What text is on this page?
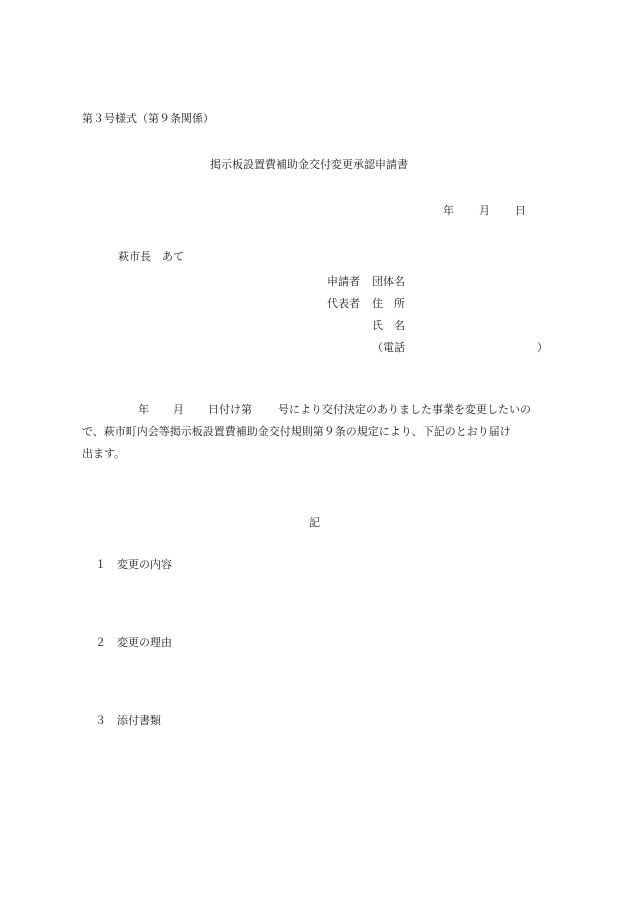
第３号様式（第９条関係）
掲示板設置費補助金交付変更承認申請書
年 月 日
萩市長　あて
申請者 団体名
代表者 住　所
氏　名
（電話	）
年 月 日付け第 号により交付決定のありました事業を変更したいの
で、萩市町内会等掲示板設置費補助金交付規則第９条の規定により、下記のとおり届け
出ます。
記
１ 変更の内容
２ 変更の理由
３ 添付書類
